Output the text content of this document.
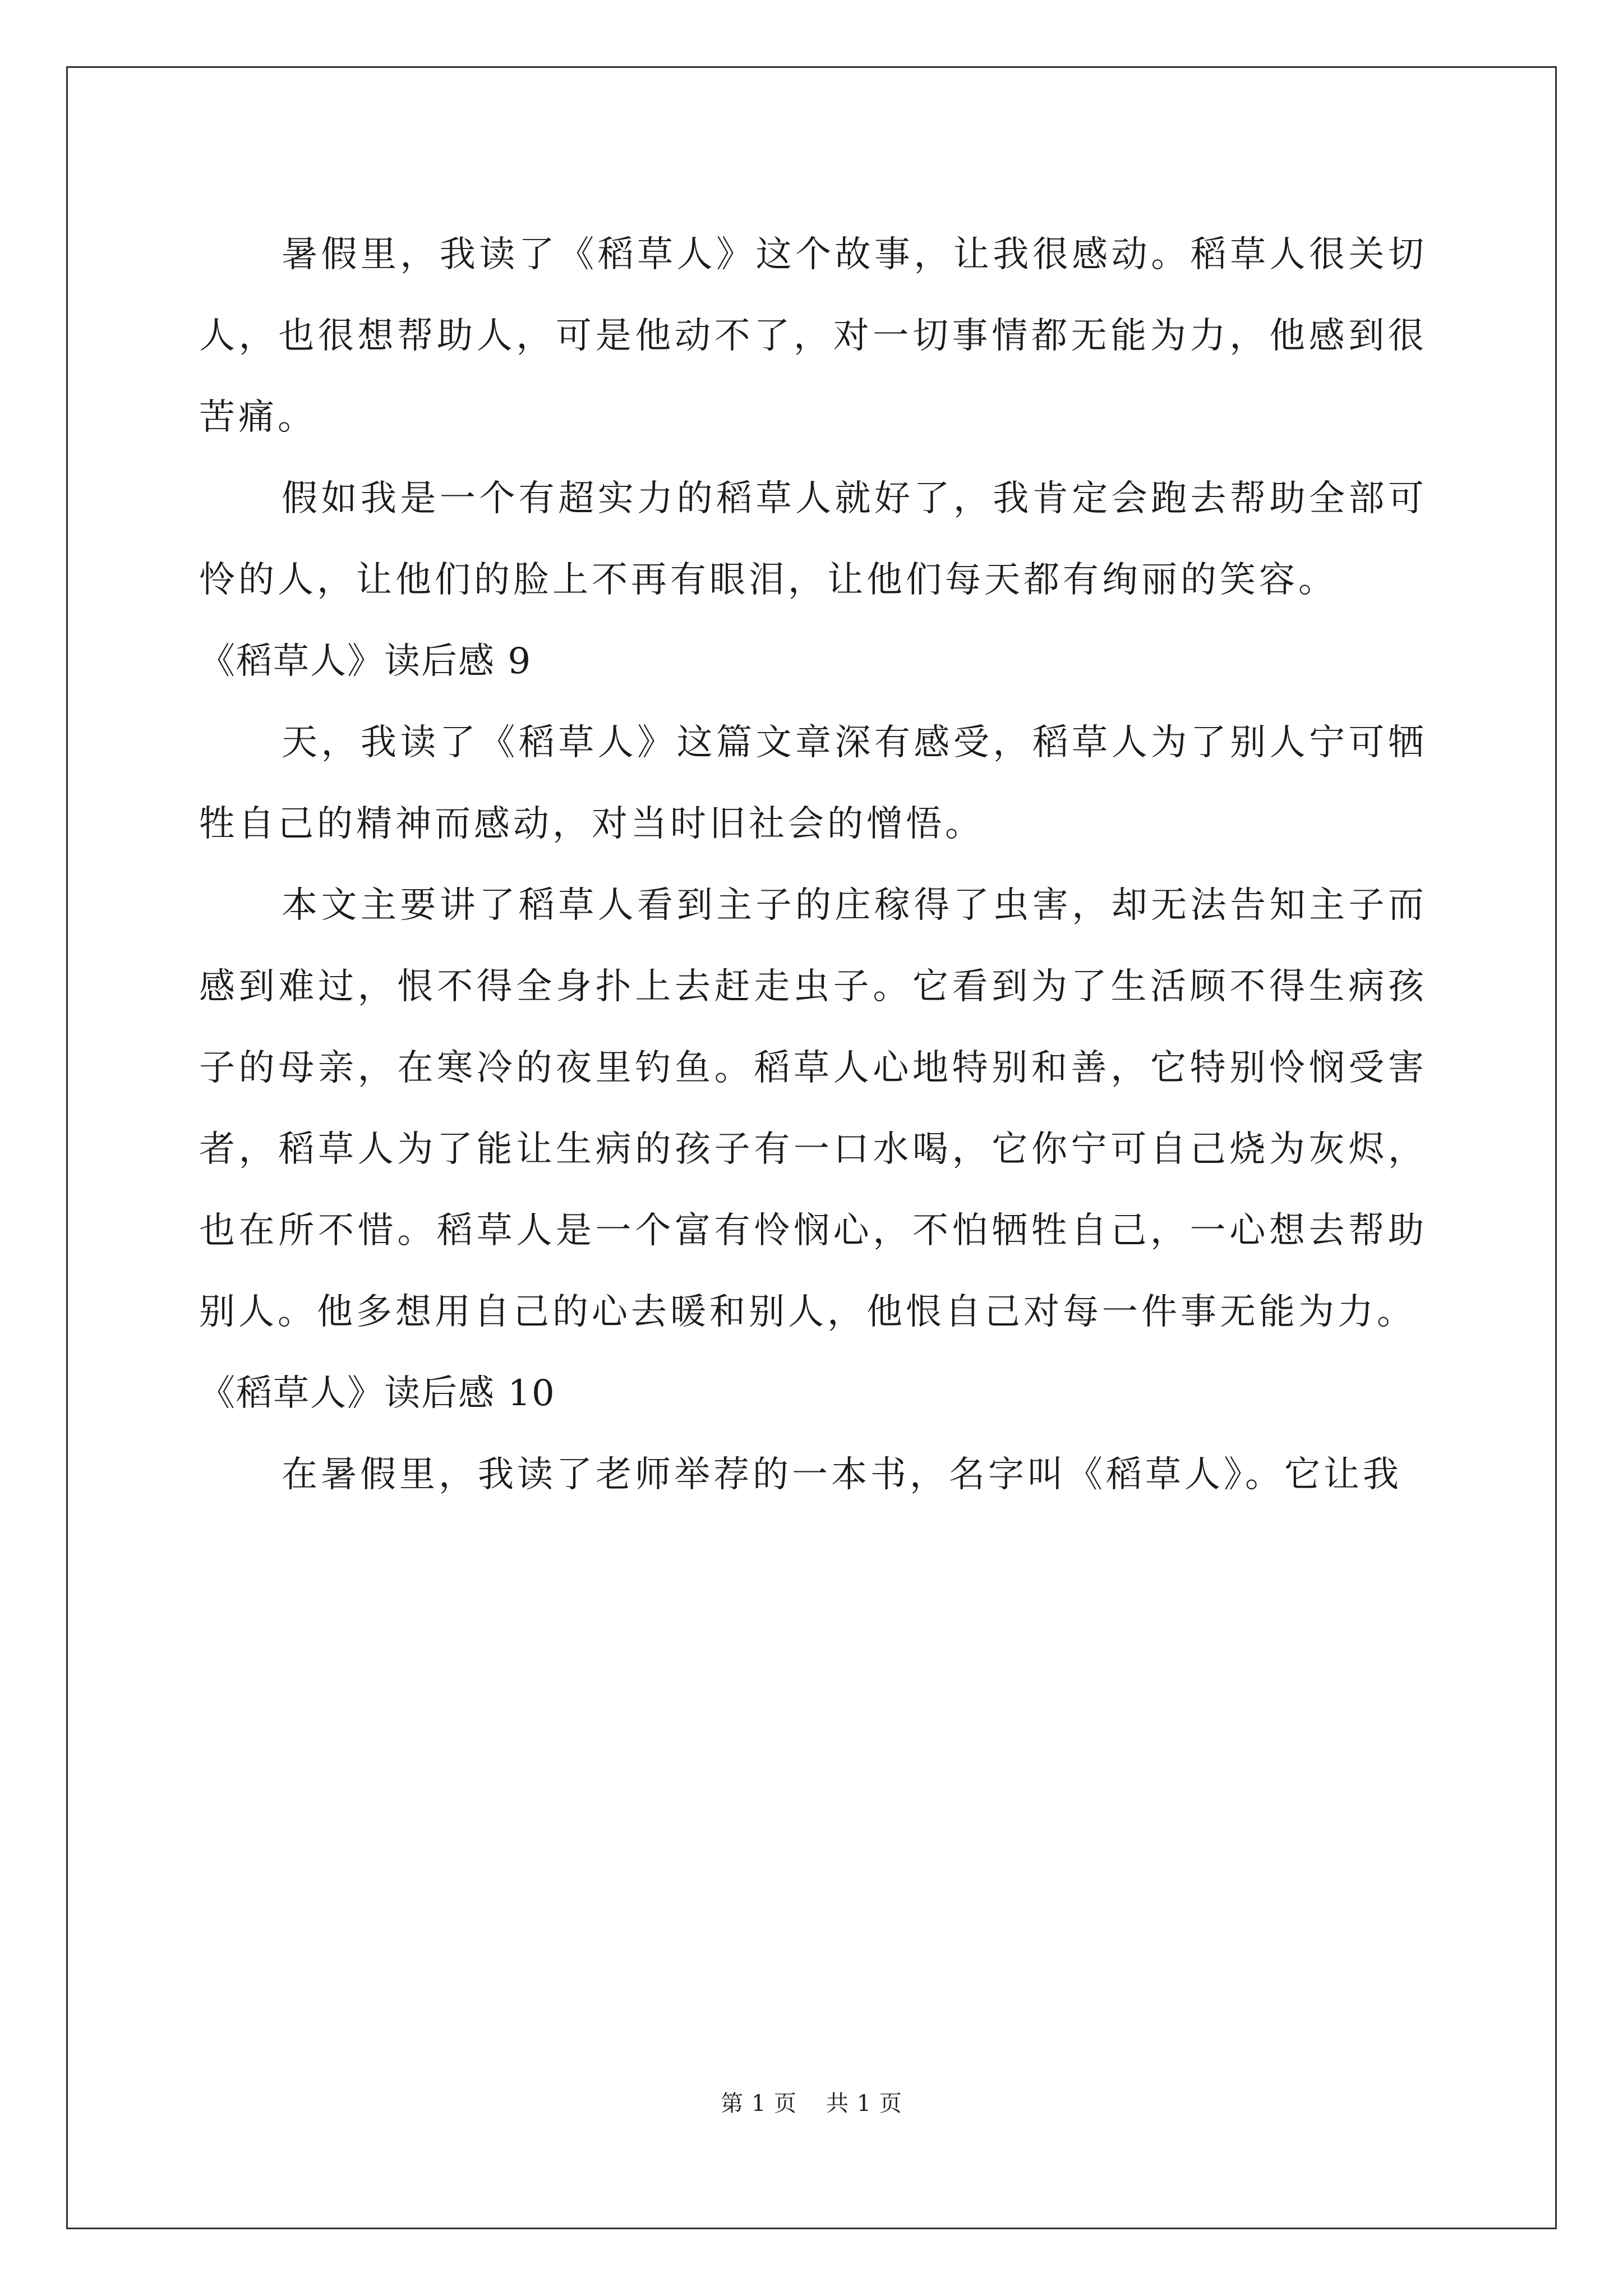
暑假里，我读了《稻草人》这个故事，让我很感动。稻草人很关切人，也很想帮助人，可是他动不了，对一切事情都无能为力，他感到很苦痛。

假如我是一个有超实力的稻草人就好了，我肯定会跑去帮助全部可怜的人，让他们的脸上不再有眼泪，让他们每天都有绚丽的笑容。

《稻草人》读后感 9

天，我读了《稻草人》这篇文章深有感受，稻草人为了别人宁可牺牲自己的精神而感动，对当时旧社会的憎悟。

本文主要讲了稻草人看到主子的庄稼得了虫害，却无法告知主子而感到难过，恨不得全身扑上去赶走虫子。它看到为了生活顾不得生病孩子的母亲，在寒冷的夜里钓鱼。稻草人心地特别和善，它特别怜悯受害者，稻草人为了能让生病的孩子有一口水喝，它你宁可自己烧为灰烬，也在所不惜。稻草人是一个富有怜悯心，不怕牺牲自己，一心想去帮助别人。他多想用自己的心去暖和别人，他恨自己对每一件事无能为力。

《稻草人》读后感 10

在暑假里，我读了老师举荐的一本书，名字叫《稻草人》。它让我

第 1 页 共 1 页
